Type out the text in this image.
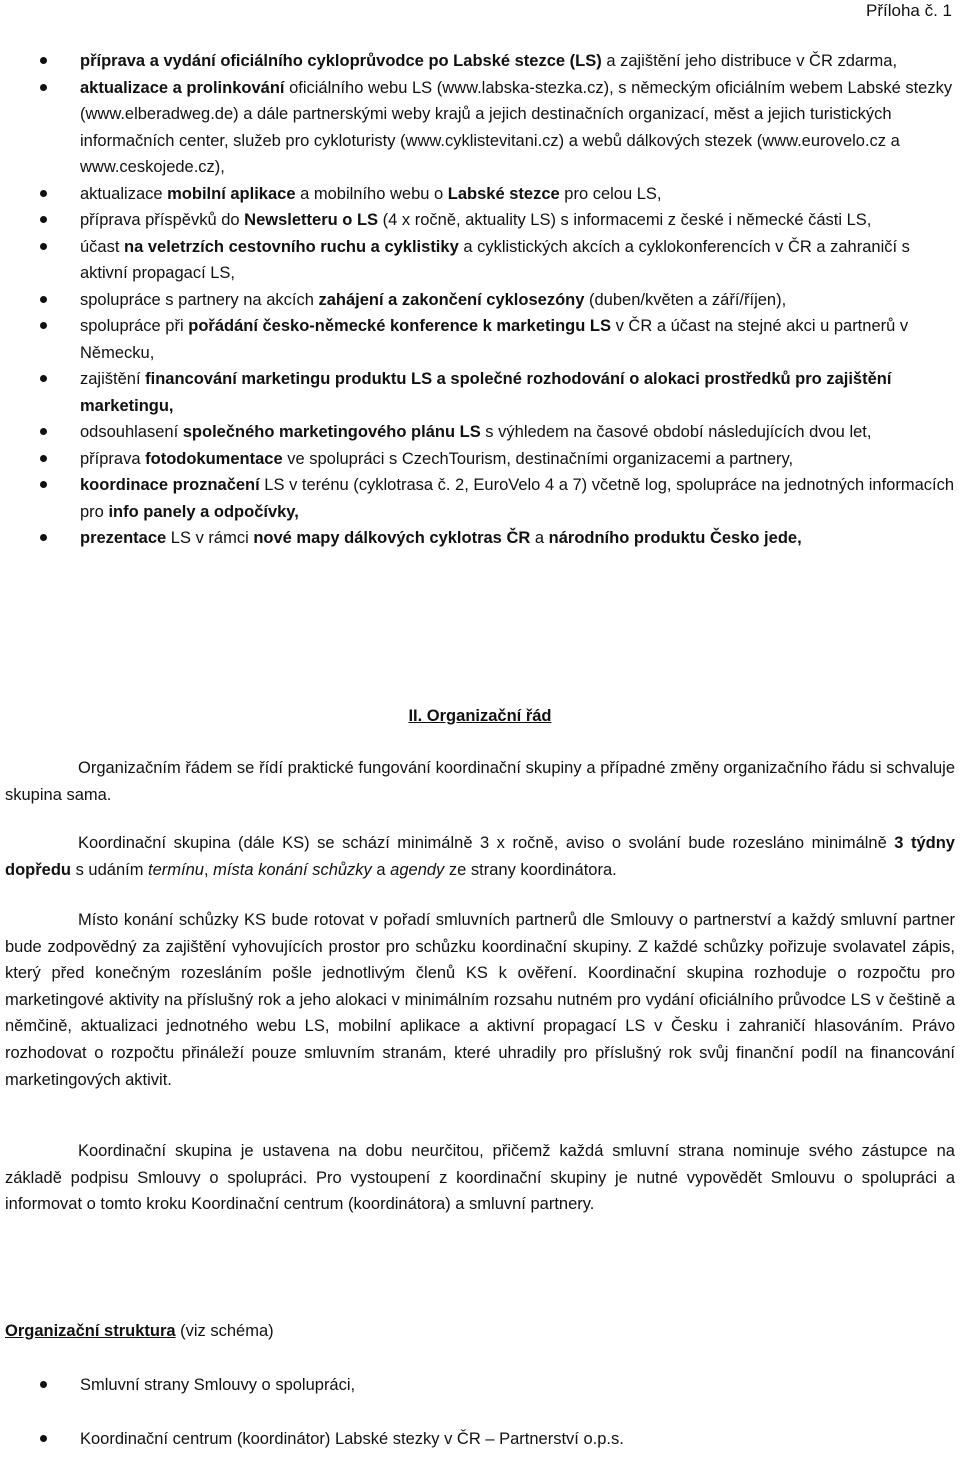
Příloha č. 1
příprava a vydání oficiálního cykloprůvodce po Labské stezce (LS) a zajištění jeho distribuce v ČR zdarma,
aktualizace a prolinkování oficiálního webu LS (www.labska-stezka.cz), s německým oficiálním webem Labské stezky (www.elberadweg.de) a dále partnerskými weby krajů a jejich destinačních organizací, měst a jejich turistických informačních center, služeb pro cykloturisty (www.cyklistevitani.cz) a webů dálkových stezek (www.eurovelo.cz a www.ceskojede.cz),
aktualizace mobilní aplikace a mobilního webu o Labské stezce pro celou LS,
příprava příspěvků do Newsletteru o LS (4 x ročně, aktuality LS) s informacemi z české i německé části LS,
účast na veletrzích cestovního ruchu a cyklistiky a cyklistických akcích a cyklokonferencích v ČR a zahraničí s aktivní propagací LS,
spolupráce s partnery na akcích zahájení a zakončení cyklosezóny (duben/květen a září/říjen),
spolupráce při pořádání česko-německé konference k marketingu LS v ČR a účast na stejné akci u partnerů v Německu,
zajištění financování marketingu produktu LS a společné rozhodování o alokaci prostředků pro zajištění marketingu,
odsouhlasení společného marketingového plánu LS s výhledem na časové období následujících dvou let,
příprava fotodokumentace ve spolupráci s CzechTourism, destinačními organizacemi a partnery,
koordinace proznačení LS v terénu (cyklotrasa č. 2, EuroVelo 4 a 7) včetně log, spolupráce na jednotných informacích pro info panely a odpočívky,
prezentace LS v rámci nové mapy dálkových cyklotras ČR a národního produktu Česko jede,
II. Organizační řád

Organizačním řádem se řídí praktické fungování koordinační skupiny a případné změny organizačního řádu si schvaluje skupina sama.

Koordinační skupina (dále KS) se schází minimálně 3 x ročně, aviso o svolání bude rozesláno minimálně 3 týdny dopředu s udáním termínu, místa konání schůzky a agendy ze strany koordinátora.

Místo konání schůzky KS bude rotovat v pořadí smluvních partnerů dle Smlouvy o partnerství a každý smluvní partner bude zodpovědný za zajištění vyhovujících prostor pro schůzku koordinační skupiny. Z každé schůzky pořizuje svolavatel zápis, který před konečným rozesláním pošle jednotlivým členů KS k ověření. Koordinační skupina rozhoduje o rozpočtu pro marketingové aktivity na příslušný rok a jeho alokaci v minimálním rozsahu nutném pro vydání oficiálního průvodce LS v češtině a němčině, aktualizaci jednotného webu LS, mobilní aplikace a aktivní propagací LS v Česku i zahraničí hlasováním. Právo rozhodovat o rozpočtu přináleží pouze smluvním stranám, které uhradily pro příslušný rok svůj finanční podíl na financování marketingových aktivit.

Koordinační skupina je ustavena na dobu neurčitou, přičemž každá smluvní strana nominuje svého zástupce na základě podpisu Smlouvy o spolupráci. Pro vystoupení z koordinační skupiny je nutné vypovědět Smlouvu o spolupráci a informovat o tomto kroku Koordinační centrum (koordinátora) a smluvní partnery.

Organizační struktura (viz schéma)
Smluvní strany Smlouvy o spolupráci,
Koordinační centrum (koordinátor) Labské stezky v ČR – Partnerství o.p.s.
